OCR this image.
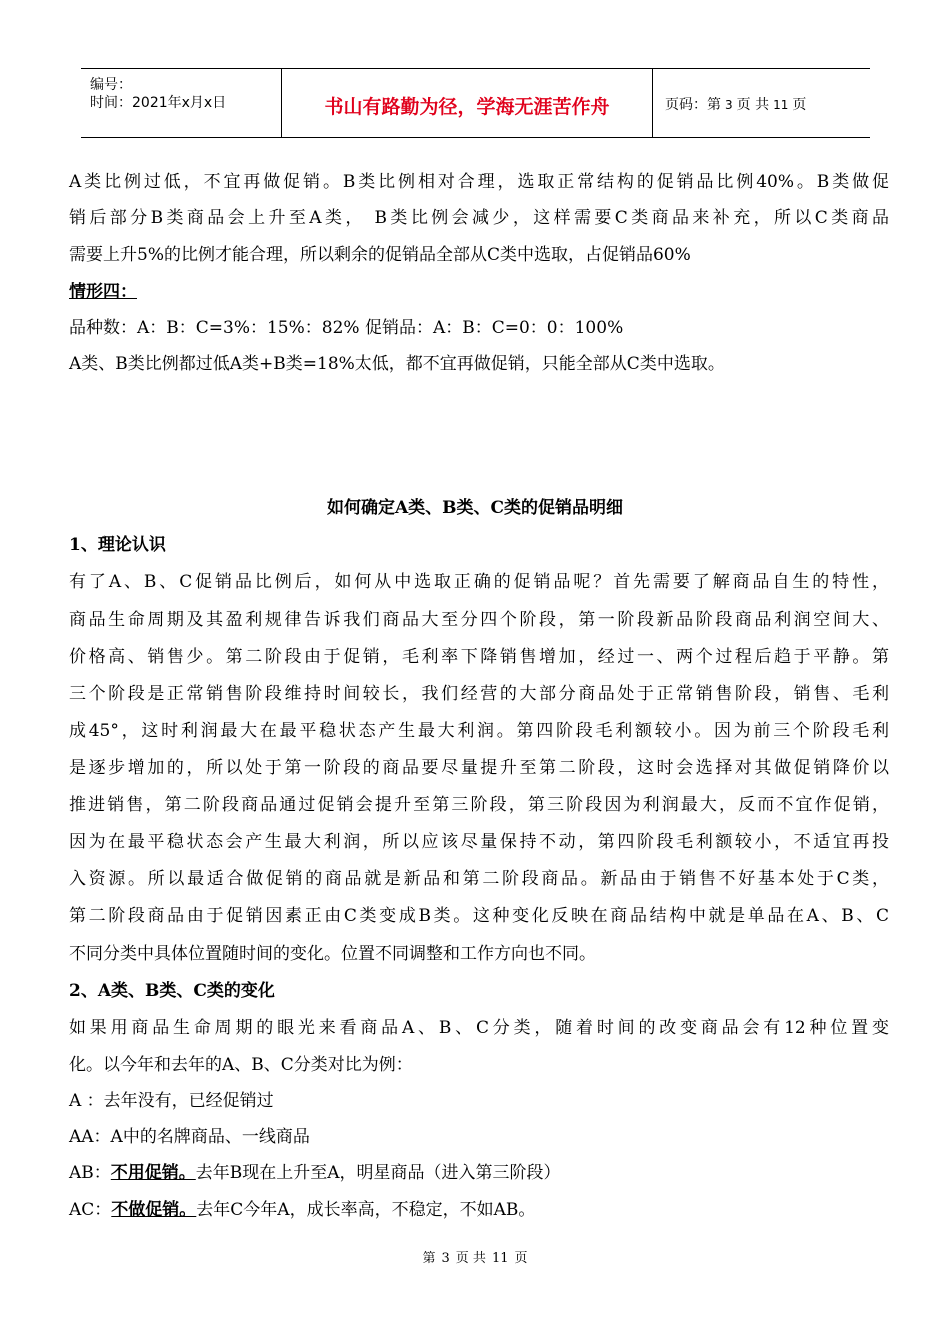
编号：
时间：2021年x月x日	书山有路勤为径，学海无涯苦作舟	页码：第 3 页 共 11 页
A类比例过低，不宜再做促销。B类比例相对合理，选取正常结构的促销品比例40%。B类做促
销后部分B类商品会上升至A类， B类比例会减少，这样需要C类商品来补充，所以C类商品
需要上升5%的比例才能合理，所以剩余的促销品全部从C类中选取，占促销品60%
情形四：
品种数：A：B：C=3%：15%：82% 促销品：A：B：C=0：0：100%
A类、B类比例都过低A类+B类=18%太低，都不宜再做促销，只能全部从C类中选取。
如何确定A类、B类、C类的促销品明细
1、理论认识
有了A、B、C促销品比例后，如何从中选取正确的促销品呢？首先需要了解商品自生的特性，
商品生命周期及其盈利规律告诉我们商品大至分四个阶段，第一阶段新品阶段商品利润空间大、
价格高、销售少。第二阶段由于促销，毛利率下降销售增加，经过一、两个过程后趋于平静。第
三个阶段是正常销售阶段维持时间较长，我们经营的大部分商品处于正常销售阶段，销售、毛利
成45°，这时利润最大在最平稳状态产生最大利润。第四阶段毛利额较小。因为前三个阶段毛利
是逐步增加的，所以处于第一阶段的商品要尽量提升至第二阶段，这时会选择对其做促销降价以
推进销售，第二阶段商品通过促销会提升至第三阶段，第三阶段因为利润最大，反而不宜作促销，
因为在最平稳状态会产生最大利润，所以应该尽量保持不动，第四阶段毛利额较小，不适宜再投
入资源。所以最适合做促销的商品就是新品和第二阶段商品。新品由于销售不好基本处于C类，
第二阶段商品由于促销因素正由C类变成B类。这种变化反映在商品结构中就是单品在A、B、C
不同分类中具体位置随时间的变化。位置不同调整和工作方向也不同。
2、A类、B类、C类的变化
如果用商品生命周期的眼光来看商品A、B、C分类，随着时间的改变商品会有12种位置变
化。以今年和去年的A、B、C分类对比为例：
A ：去年没有，已经促销过
AA：A中的名牌商品、一线商品
AB：不用促销。去年B现在上升至A，明星商品（进入第三阶段）
AC：不做促销。去年C今年A，成长率高，不稳定，不如AB。
第 3 页 共 11 页
